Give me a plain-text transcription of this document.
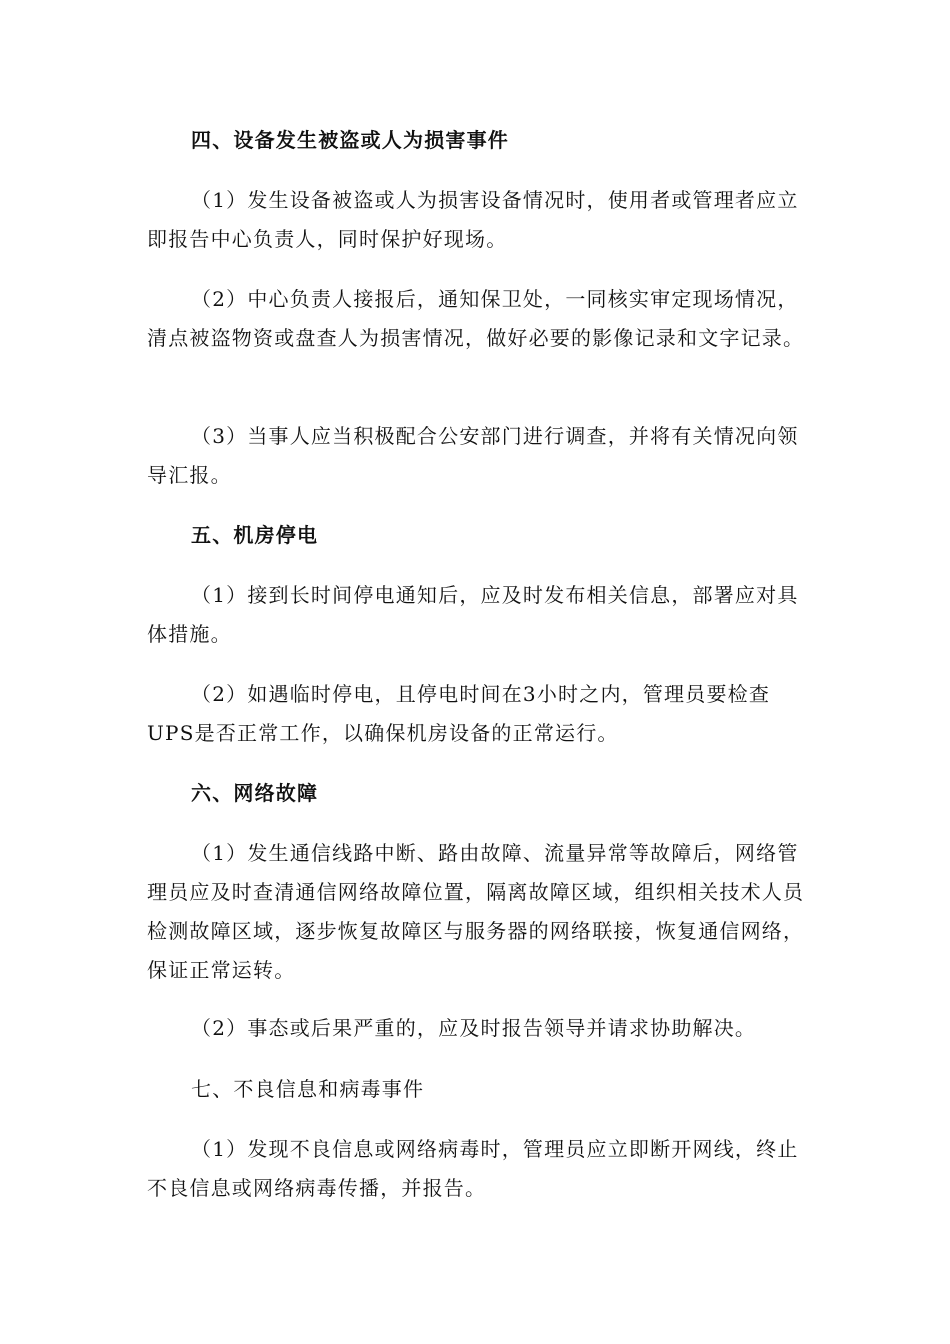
四、设备发生被盗或人为损害事件

（1）发生设备被盗或人为损害设备情况时，使用者或管理者应立即报告中心负责人，同时保护好现场。

（2）中心负责人接报后，通知保卫处，一同核实审定现场情况，清点被盗物资或盘查人为损害情况，做好必要的影像记录和文字记录。

（3）当事人应当积极配合公安部门进行调查，并将有关情况向领导汇报。

五、机房停电

（1）接到长时间停电通知后，应及时发布相关信息，部署应对具体措施。

（2）如遇临时停电，且停电时间在3小时之内，管理员要检查UPS是否正常工作，以确保机房设备的正常运行。

六、网络故障

（1）发生通信线路中断、路由故障、流量异常等故障后，网络管理员应及时查清通信网络故障位置，隔离故障区域，组织相关技术人员检测故障区域，逐步恢复故障区与服务器的网络联接，恢复通信网络，保证正常运转。

（2）事态或后果严重的，应及时报告领导并请求协助解决。

七、不良信息和病毒事件

（1）发现不良信息或网络病毒时，管理员应立即断开网线，终止不良信息或网络病毒传播，并报告。
